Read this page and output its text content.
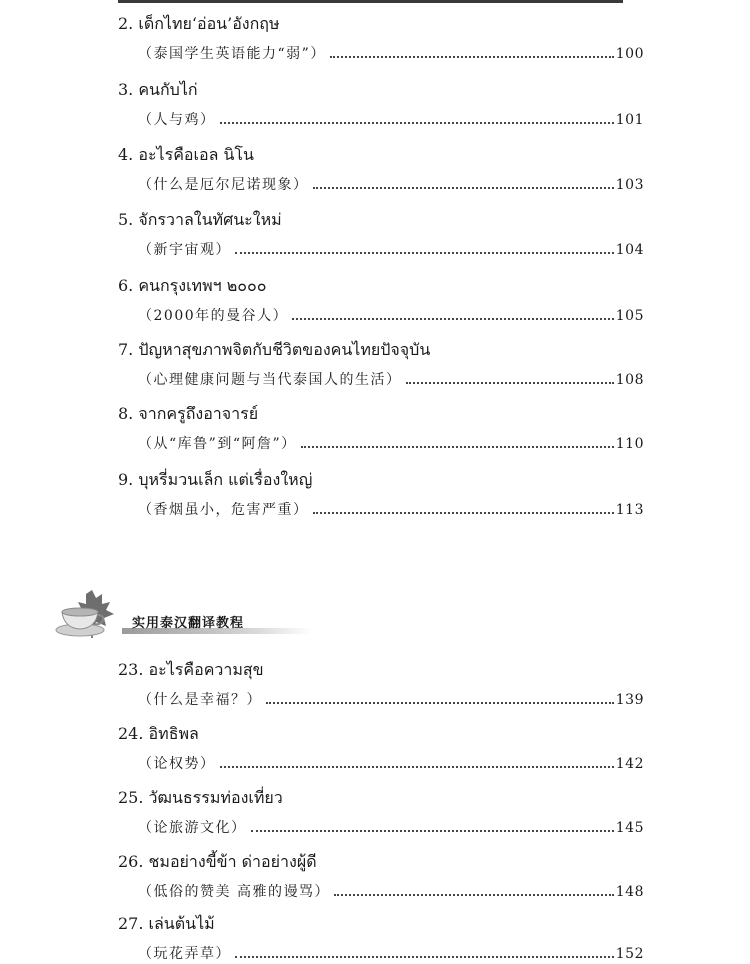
2. เด็กไทย‘อ่อน’อังกฤษ
（泰国学生英语能力“弱”）	100
3. คนกับไก่
（人与鸡）	101
4. อะไรคือเอล นิโน
（什么是厄尔尼诺现象）	103
5. จักรวาลในทัศนะใหม่
（新宇宙观）	104
6. คนกรุงเทพฯ ๒๐๐๐
（2000年的曼谷人）	105
7. ปัญหาสุขภาพจิตกับชีวิตของคนไทยปัจจุบัน
（心理健康问题与当代泰国人的生活）	108
8. จากครูถึงอาจารย์
（从“库鲁”到“阿詹”）	110
9. บุหรี่มวนเล็ก แต่เรื่องใหญ่
（香烟虽小，危害严重）	113
实用泰汉翻译教程
23. อะไรคือความสุข
（什么是幸福？）	139
24. อิทธิพล
（论权势）	142
25. วัฒนธรรมท่องเที่ยว
（论旅游文化）	145
26. ชมอย่างขี้ข้า ด่าอย่างผู้ดี
（低俗的赞美 高雅的谩骂）	148
27. เล่นต้นไม้
（玩花弄草）	152
